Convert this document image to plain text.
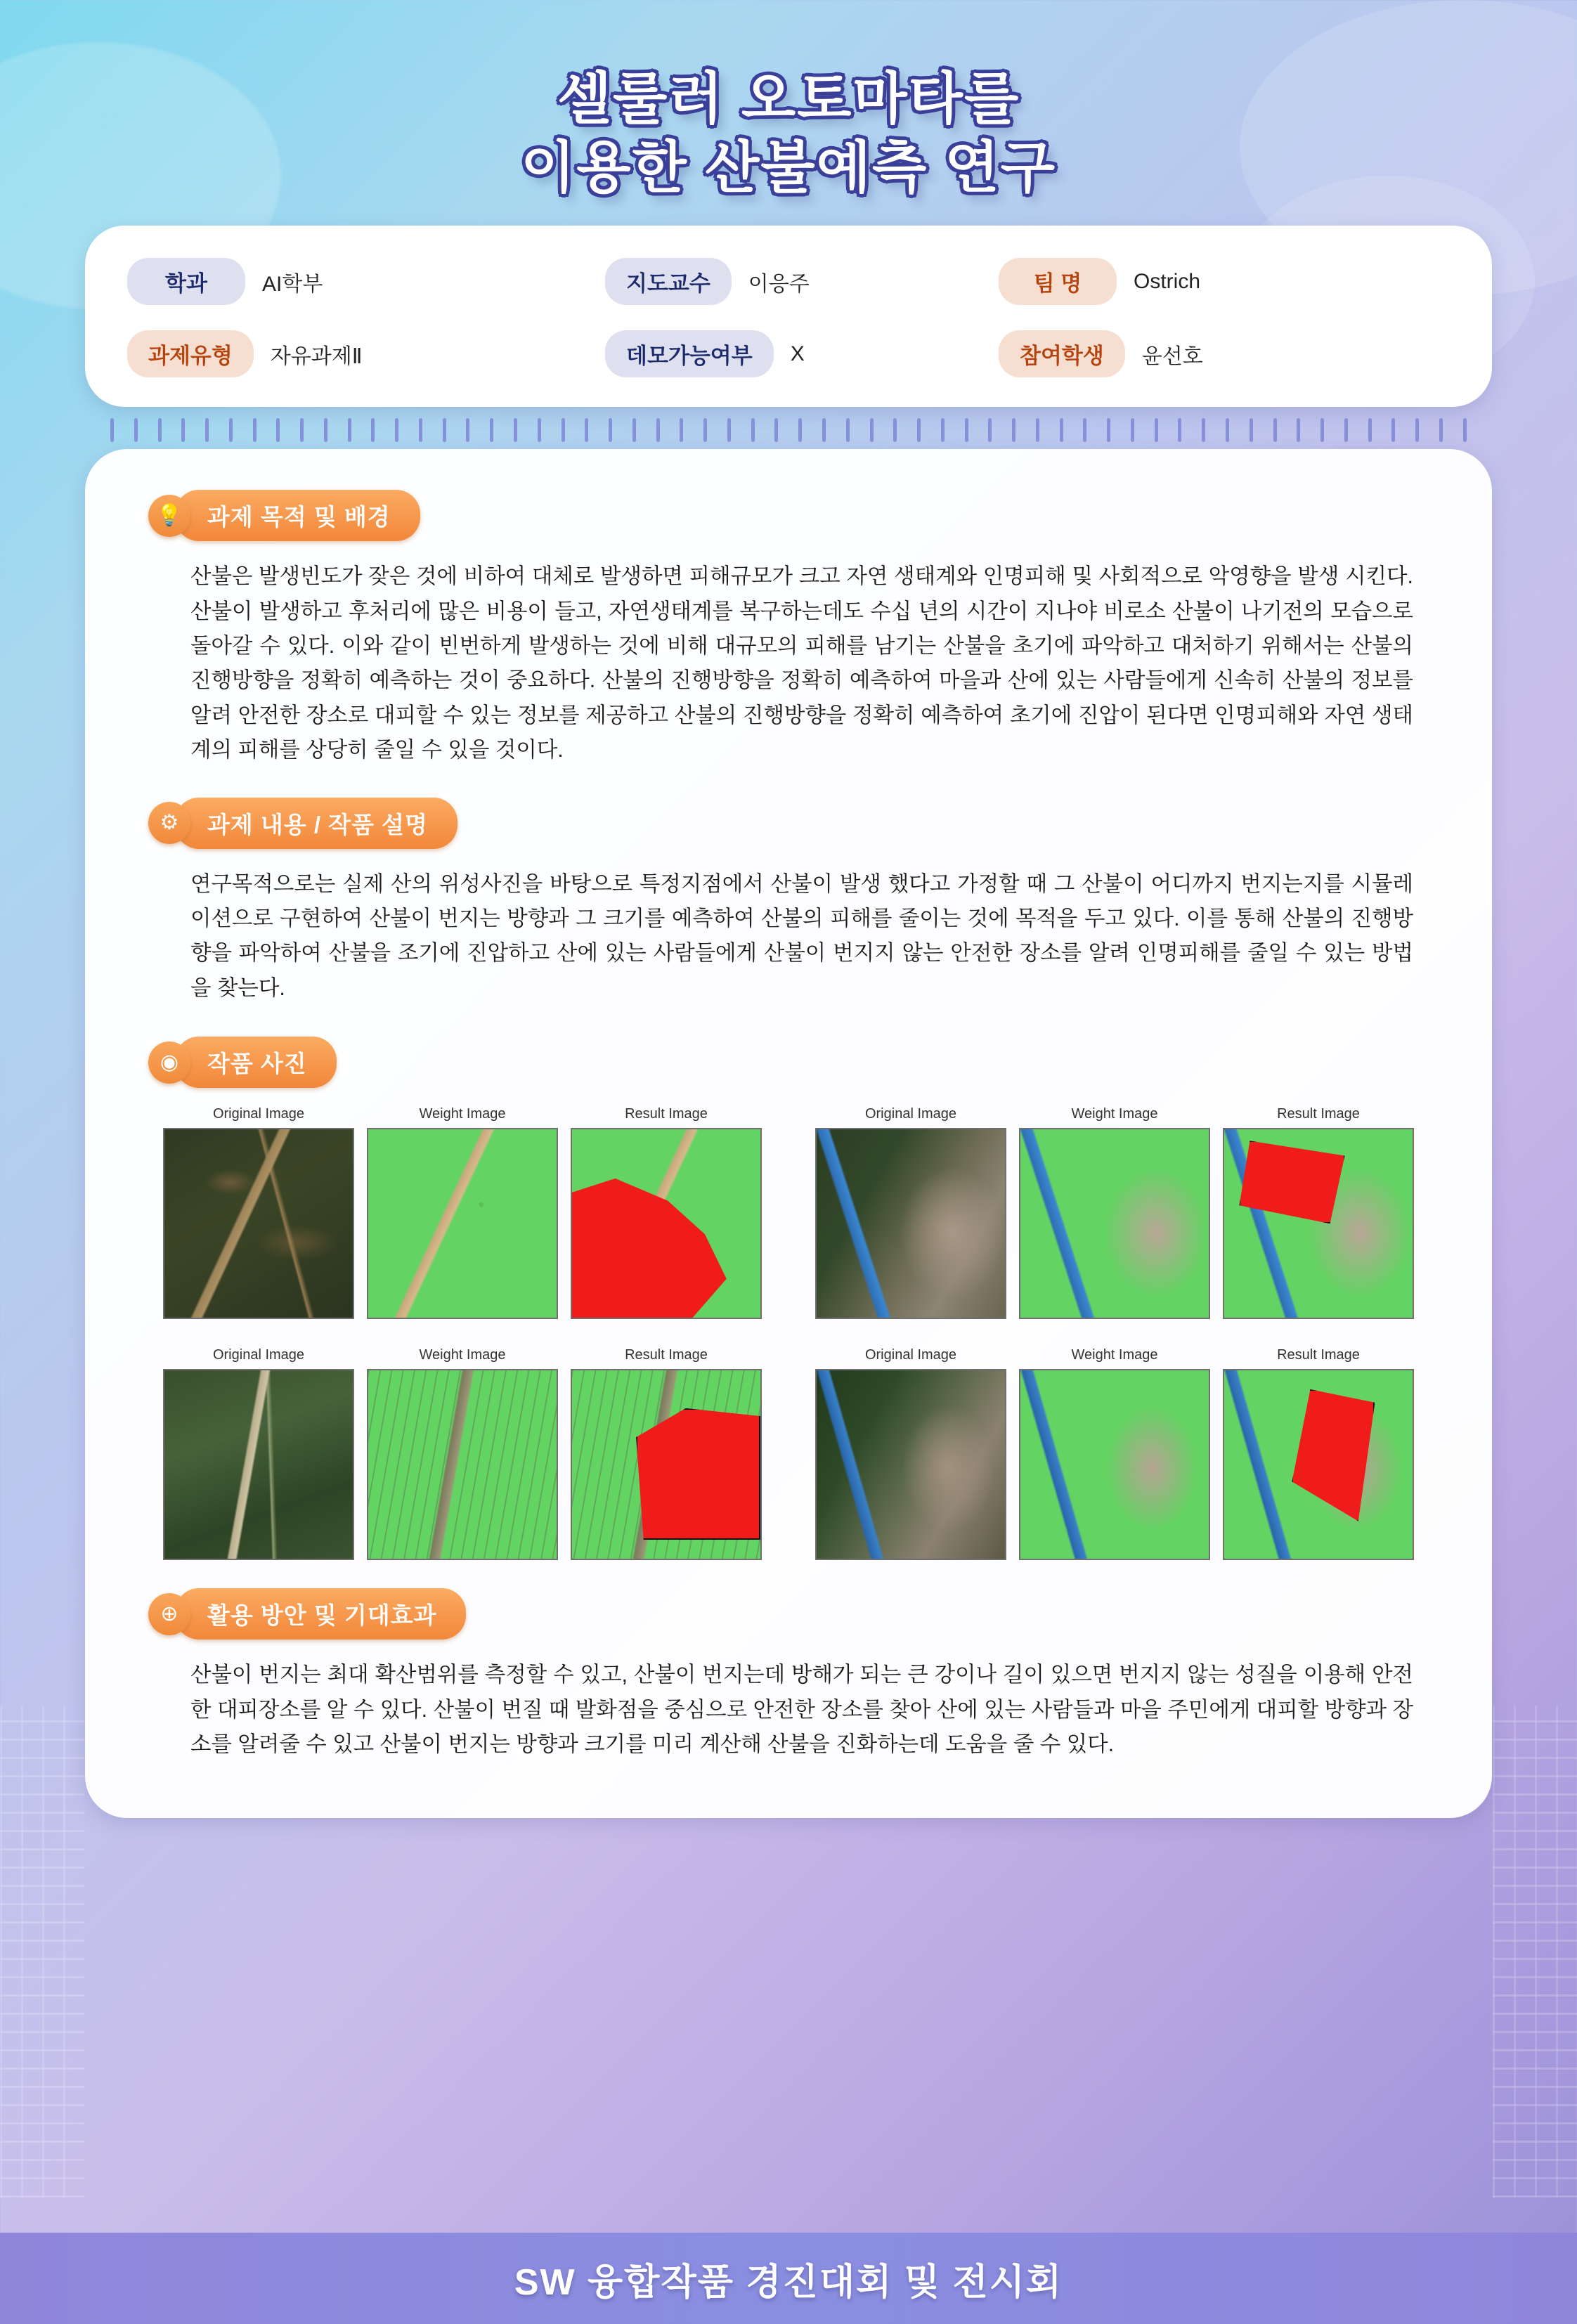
셀룰러 오토마타를
이용한 산불예측 연구
학과	AI학부	지도교수	이응주	팀 명	Ostrich
과제유형	자유과제Ⅱ	데모가능여부	X	참여학생	윤선호
💡	과제 목적 및 배경
산불은 발생빈도가 잦은 것에 비하여 대체로 발생하면 피해규모가 크고 자연 생태계와 인명피해 및 사회적으로 악영향을 발생 시킨다. 산불이 발생하고 후처리에 많은 비용이 들고, 자연생태계를 복구하는데도 수십 년의 시간이 지나야 비로소 산불이 나기전의 모습으로 돌아갈 수 있다. 이와 같이 빈번하게 발생하는 것에 비해 대규모의 피해를 남기는 산불을 초기에 파악하고 대처하기 위해서는 산불의 진행방향을 정확히 예측하는 것이 중요하다. 산불의 진행방향을 정확히 예측하여 마을과 산에 있는 사람들에게 신속히 산불의 정보를 알려 안전한 장소로 대피할 수 있는 정보를 제공하고 산불의 진행방향을 정확히 예측하여 초기에 진압이 된다면 인명피해와 자연 생태계의 피해를 상당히 줄일 수 있을 것이다.
⚙	과제 내용 / 작품 설명
연구목적으로는 실제 산의 위성사진을 바탕으로 특정지점에서 산불이 발생 했다고 가정할 때 그 산불이 어디까지 번지는지를 시뮬레이션으로 구현하여 산불이 번지는 방향과 그 크기를 예측하여 산불의 피해를 줄이는 것에 목적을 두고 있다. 이를 통해 산불의 진행방향을 파악하여 산불을 조기에 진압하고 산에 있는 사람들에게 산불이 번지지 않는 안전한 장소를 알려 인명피해를 줄일 수 있는 방법을 찾는다.
◉	작품 사진
Original Image	Weight Image	Result Image	Original Image	Weight Image	Result Image
Original Image	Weight Image	Result Image	Original Image	Weight Image	Result Image
⊕	활용 방안 및 기대효과
산불이 번지는 최대 확산범위를 측정할 수 있고, 산불이 번지는데 방해가 되는 큰 강이나 길이 있으면 번지지 않는 성질을 이용해 안전한 대피장소를 알 수 있다. 산불이 번질 때 발화점을 중심으로 안전한 장소를 찾아 산에 있는 사람들과 마을 주민에게 대피할 방향과 장소를 알려줄 수 있고 산불이 번지는 방향과 크기를 미리 계산해 산불을 진화하는데 도움을 줄 수 있다.
SW 융합작품 경진대회 및 전시회
